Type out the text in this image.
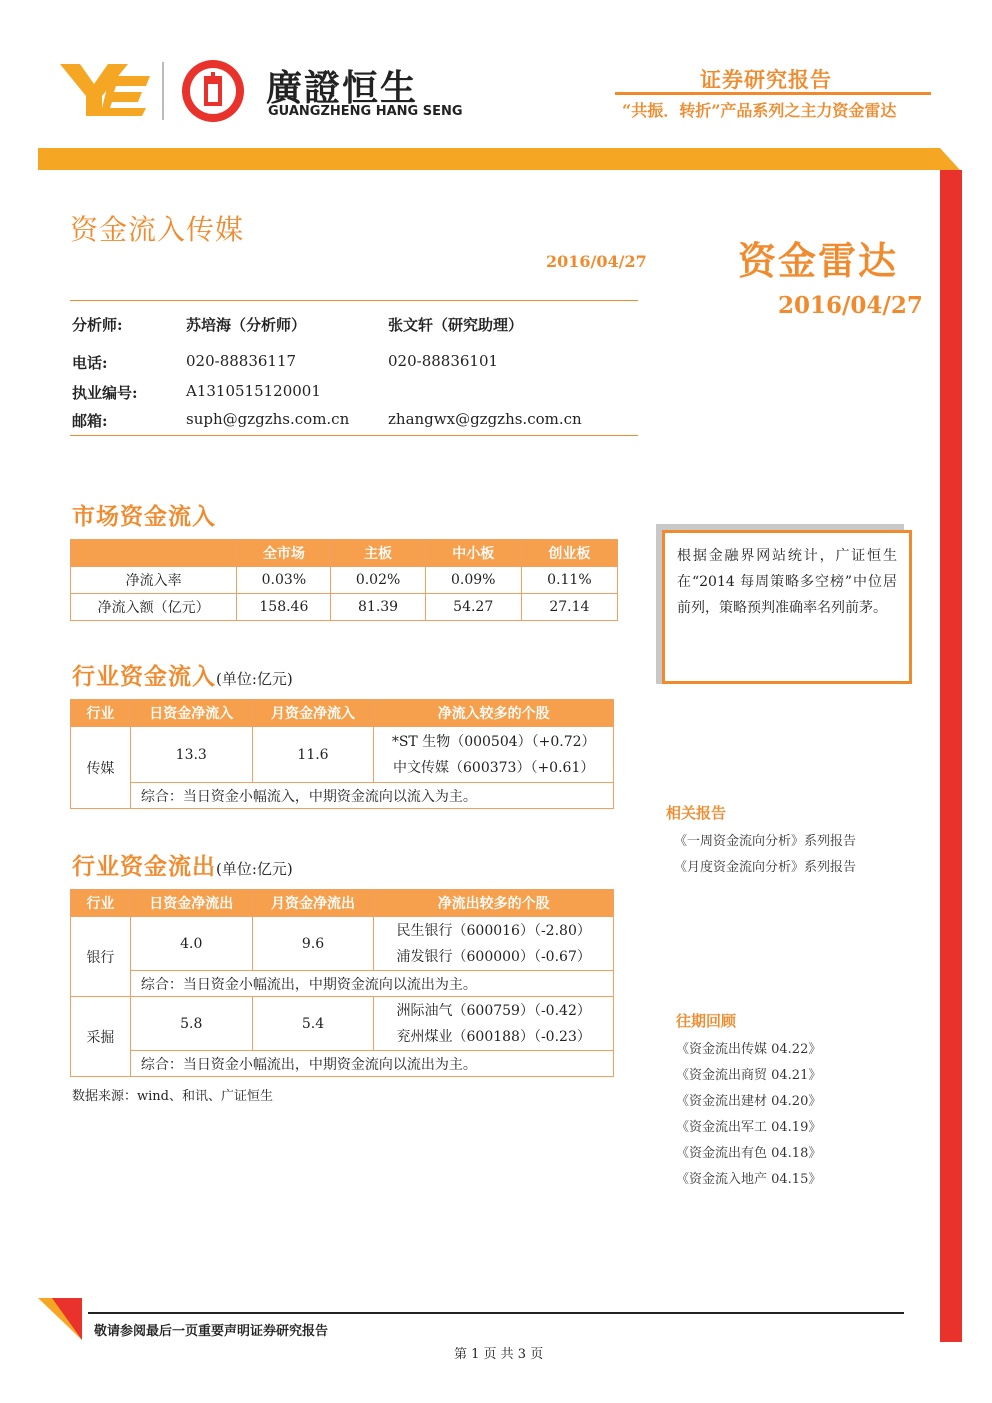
廣證恒生
GUANGZHENG HANG SENG
证券研究报告
“共振．转折”产品系列之主力资金雷达
资金流入传媒
2016/04/27 资金雷达
2016/04/27
分析师:	苏培海（分析师）	张文轩（研究助理）
电话:	020-88836117	020-88836101
执业编号:	A1310515120001
邮箱:	suph@gzgzhs.com.cn	zhangwx@gzgzhs.com.cn
市场资金流入
	全市场	主板	中小板	创业板
净流入率	0.03%	0.02%	0.09%	0.11%
净流入额（亿元）	158.46	81.39	54.27	27.14
行业资金流入(单位:亿元)
行业	日资金净流入	月资金净流入	净流入较多的个股
传媒	13.3	11.6	*ST 生物（000504）（+0.72）
中文传媒（600373）（+0.61）

	综合：当日资金小幅流入，中期资金流向以流入为主。		
行业资金流出(单位:亿元)
行业	日资金净流出	月资金净流出	净流出较多的个股
银行	4.0	9.6	民生银行（600016）（-2.80）
浦发银行（600000）（-0.67）

	综合：当日资金小幅流出，中期资金流向以流出为主。		
采掘	5.8	5.4	洲际油气（600759）（-0.42）
兖州煤业（600188）（-0.23）

	综合：当日资金小幅流出，中期资金流向以流出为主。		
数据来源：wind、和讯、广证恒生
根据金融界网站统计，广证恒生在“2014 每周策略多空榜”中位居前列，策略预判准确率名列前茅。
相关报告
《一周资金流向分析》系列报告
《月度资金流向分析》系列报告
往期回顾
《资金流出传媒 04.22》
《资金流出商贸 04.21》
《资金流出建材 04.20》
《资金流出军工 04.19》
《资金流出有色 04.18》
《资金流入地产 04.15》
敬请参阅最后一页重要声明证券研究报告
第 1 页 共 3 页
